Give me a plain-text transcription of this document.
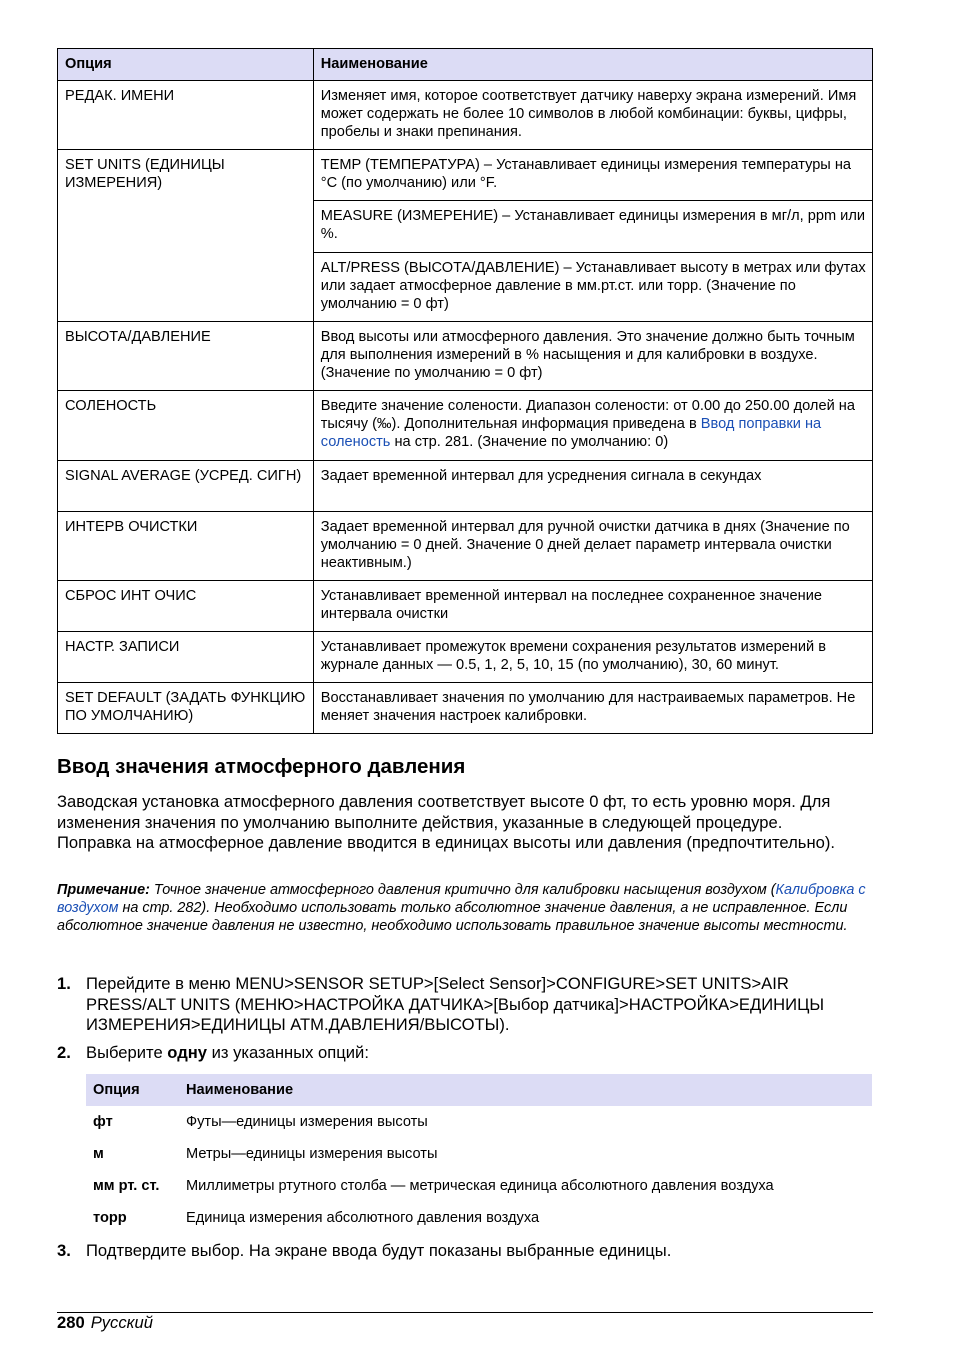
Опция	Наименование
РЕДАК. ИМЕНИ	Изменяет имя, которое соответствует датчику наверху экрана измерений. Имя может содержать не более 10 символов в любой комбинации: буквы, цифры, пробелы и знаки препинания.
SET UNITS (ЕДИНИЦЫ ИЗМЕРЕНИЯ)	TEMP (ТЕМПЕРАТУРА) – Устанавливает единицы измерения температуры на °C (по умолчанию) или °F.
	MEASURE (ИЗМЕРЕНИЕ) – Устанавливает единицы измерения в мг/л, ppm или %.
	ALT/PRESS (ВЫСОТА/ДАВЛЕНИЕ) – Устанавливает высоту в метрах или футах или задает атмосферное давление в мм.рт.ст. или торр. (Значение по умолчанию = 0 фт)
ВЫСОТА/ДАВЛЕНИЕ	Ввод высоты или атмосферного давления. Это значение должно быть точным для выполнения измерений в % насыщения и для калибровки в воздухе. (Значение по умолчанию = 0 фт)
СОЛЕНОСТЬ	Введите значение солености. Диапазон солености: от 0.00 до 250.00 долей на тысячу (‰). Дополнительная информация приведена в Ввод поправки на соленость на стр. 281. (Значение по умолчанию: 0)
SIGNAL AVERAGE (УСРЕД. СИГН)	Задает временной интервал для усреднения сигнала в секундах
ИНТЕРВ ОЧИСТКИ	Задает временной интервал для ручной очистки датчика в днях (Значение по умолчанию = 0 дней. Значение 0 дней делает параметр интервала очистки неактивным.)
СБРОС ИНТ ОЧИС	Устанавливает временной интервал на последнее сохраненное значение интервала очистки
НАСТР. ЗАПИСИ	Устанавливает промежуток времени сохранения результатов измерений в журнале данных — 0.5, 1, 2, 5, 10, 15 (по умолчанию), 30, 60 минут.
SET DEFAULT (ЗАДАТЬ ФУНКЦИЮ ПО УМОЛЧАНИЮ)	Восстанавливает значения по умолчанию для настраиваемых параметров. Не меняет значения настроек калибровки.
Ввод значения атмосферного давления

Заводская установка атмосферного давления соответствует высоте 0 фт, то есть уровню моря. Для изменения значения по умолчанию выполните действия, указанные в следующей процедуре. Поправка на атмосферное давление вводится в единицах высоты или давления (предпочтительно).

Примечание: Точное значение атмосферного давления критично для калибровки насыщения воздухом (Калибровка с воздухом на стр. 282). Необходимо использовать только абсолютное значение давления, а не исправленное. Если абсолютное значение давления не известно, необходимо использовать правильное значение высоты местности.

1. Перейдите в меню MENU>SENSOR SETUP>[Select Sensor]>CONFIGURE>SET UNITS>AIR PRESS/ALT UNITS (МЕНЮ>НАСТРОЙКА ДАТЧИКА>[Выбор датчика]>НАСТРОЙКА>ЕДИНИЦЫ ИЗМЕРЕНИЯ>ЕДИНИЦЫ АТМ.ДАВЛЕНИЯ/ВЫСОТЫ).
2. Выберите одну из указанных опций:
Опция	Наименование
фт	Футы—единицы измерения высоты
м	Метры—единицы измерения высоты
мм рт. ст.	Миллиметры ртутного столба — метрическая единица абсолютного давления воздуха
торр	Единица измерения абсолютного давления воздуха
3. Подтвердите выбор. На экране ввода будут показаны выбранные единицы.
280 Русский
